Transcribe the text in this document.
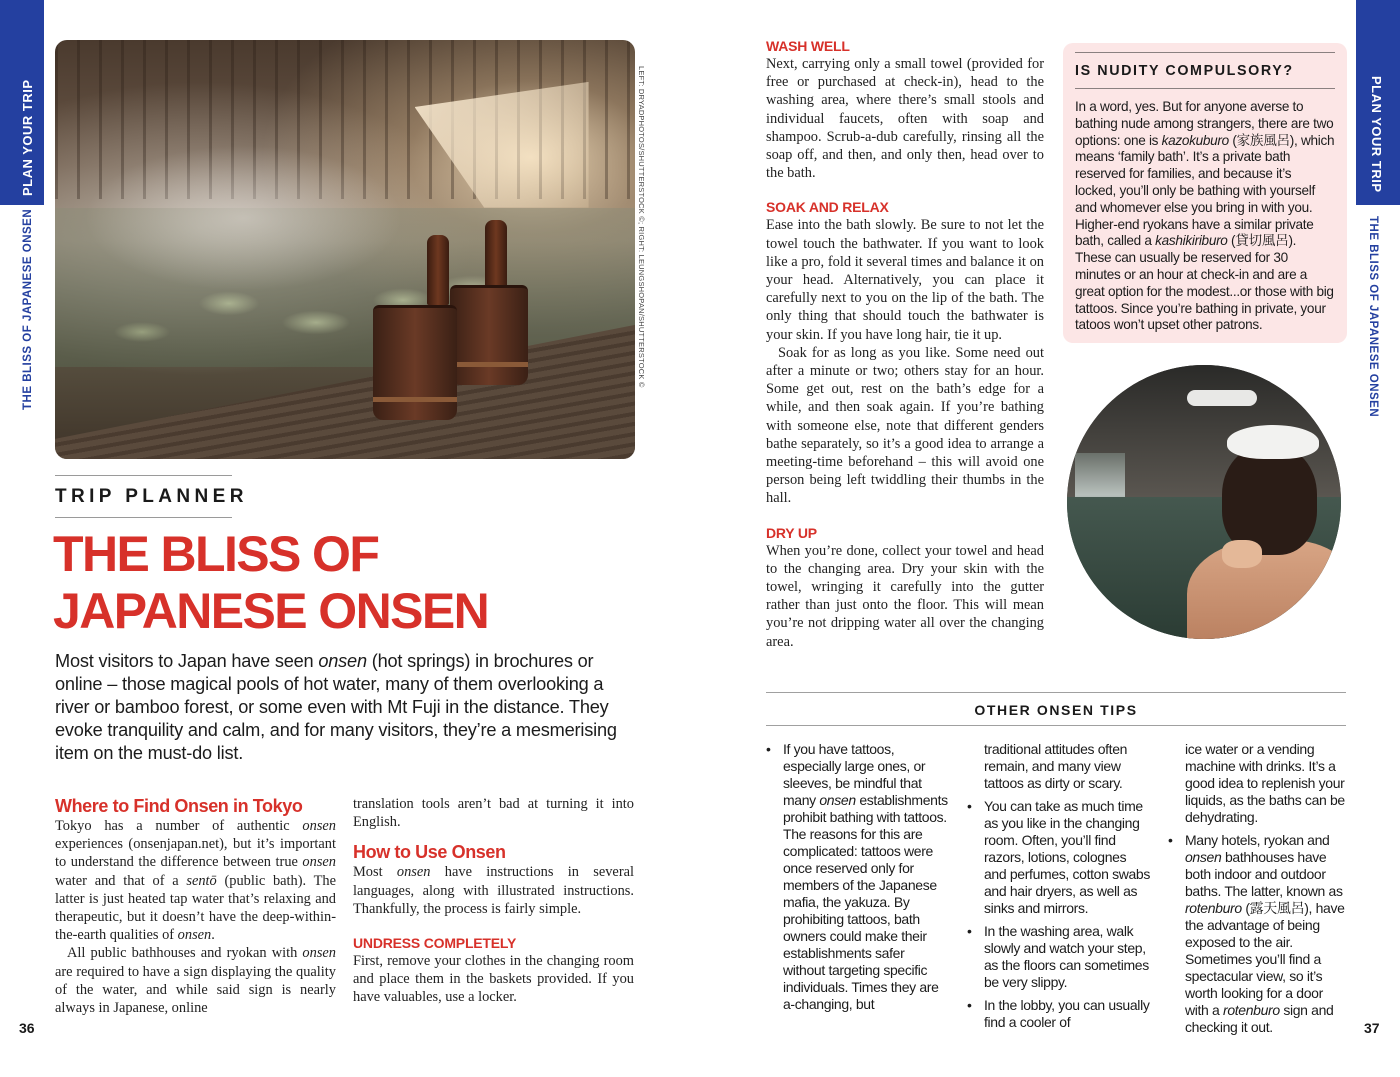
PLAN YOUR TRIP
THE BLISS OF JAPANESE ONSEN
PLAN YOUR TRIP
THE BLISS OF JAPANESE ONSEN
LEFT: DRYADPHOTOS/SHUTTERSTOCK ©; RIGHT: LEUNGSHOPAN/SHUTTERSTOCK ©
TRIP PLANNER
THE BLISS OF
JAPANESE ONSEN

Most visitors to Japan have seen onsen (hot springs) in brochures or online – those magical pools of hot water, many of them overlooking a river or bamboo forest, or some even with Mt Fuji in the distance. They evoke tranquility and calm, and for many visitors, they’re a mesmerising item on the must-do list.

Where to Find Onsen in Tokyo

Tokyo has a number of authentic onsen experiences (onsenjapan.net), but it’s important to understand the difference between true onsen water and that of a sentō (public bath). The latter is just heated tap water that’s relaxing and therapeutic, but it doesn’t have the deep-within-the-earth qualities of onsen.

All public bathhouses and ryokan with onsen are required to have a sign displaying the quality of the water, and while said sign is nearly always in Japanese, online

translation tools aren’t bad at turning it into English.

How to Use Onsen

Most onsen have instructions in several languages, along with illustrated instructions. Thankfully, the process is fairly simple.

UNDRESS COMPLETELY

First, remove your clothes in the changing room and place them in the baskets provided. If you have valuables, use a locker.

36
WASH WELL

Next, carrying only a small towel (provided for free or purchased at check-in), head to the washing area, where there’s small stools and individual faucets, often with soap and shampoo. Scrub-a-dub carefully, rinsing all the soap off, and then, and only then, head over to the bath.

SOAK AND RELAX

Ease into the bath slowly. Be sure to not let the towel touch the bathwater. If you want to look like a pro, fold it several times and balance it on your head. Alternatively, you can place it carefully next to you on the lip of the bath. The only thing that should touch the bathwater is your skin. If you have long hair, tie it up.

Soak for as long as you like. Some need out after a minute or two; others stay for an hour. Some get out, rest on the bath’s edge for a while, and then soak again. If you’re bathing with someone else, note that different genders bathe separately, so it’s a good idea to arrange a meeting-time beforehand – this will avoid one person being left twiddling their thumbs in the hall.

DRY UP

When you’re done, collect your towel and head to the changing area. Dry your skin with the towel, wringing it carefully into the gutter rather than just onto the floor. This will mean you’re not dripping water all over the changing area.

IS NUDITY COMPULSORY?

In a word, yes. But for anyone averse to bathing nude among strangers, there are two options: one is kazokuburo (家族風呂), which means ‘family bath’. It’s a private bath reserved for families, and because it’s locked, you’ll only be bathing with yourself and whomever else you bring in with you. Higher-end ryokans have a similar private bath, called a kashikiriburo (貸切風呂). These can usually be reserved for 30 minutes or an hour at check-in and are a great option for the modest...or those with big tattoos. Since you’re bathing in private, your tatoos won’t upset other patrons.

OTHER ONSEN TIPS
• If you have tattoos, especially large ones, or sleeves, be mindful that many onsen establishments prohibit bathing with tattoos. The reasons for this are complicated: tattoos were once reserved only for members of the Japanese mafia, the yakuza. By prohibiting tattoos, bath owners could make their establishments safer without targeting specific individuals. Times they are a-changing, but
traditional attitudes often remain, and many view tattoos as dirty or scary.
• You can take as much time as you like in the changing room. Often, you’ll find razors, lotions, colognes and perfumes, cotton swabs and hair dryers, as well as sinks and mirrors.
• In the washing area, walk slowly and watch your step, as the floors can sometimes be very slippy.
• In the lobby, you can usually find a cooler of
ice water or a vending machine with drinks. It’s a good idea to replenish your liquids, as the baths can be dehydrating.
• Many hotels, ryokan and onsen bathhouses have both indoor and outdoor baths. The latter, known as rotenburo (露天風呂), have the advantage of being exposed to the air. Sometimes you’ll find a spectacular view, so it’s worth looking for a door with a rotenburo sign and checking it out.	37
